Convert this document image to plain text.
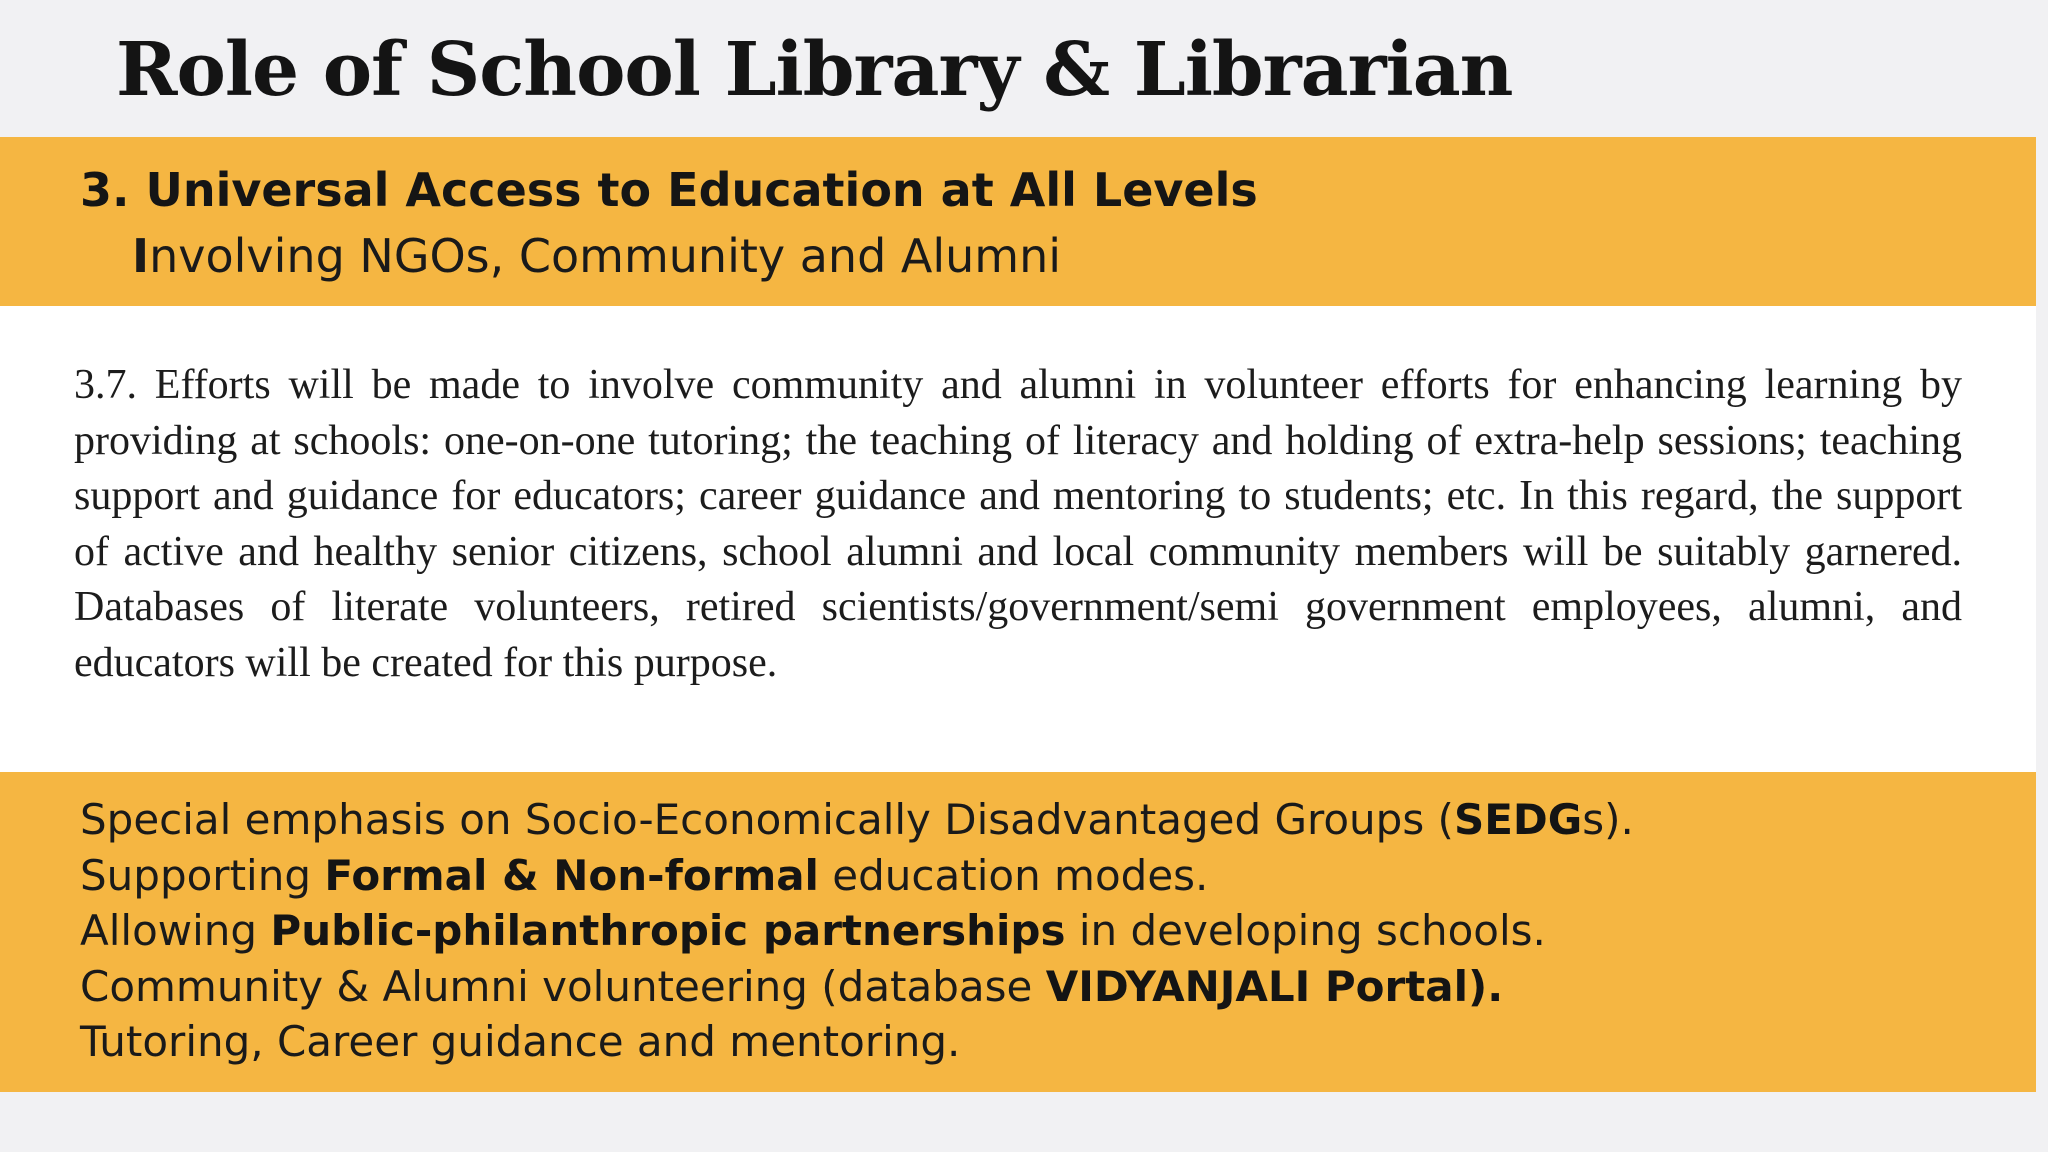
Role of School Library & Librarian
3. Universal Access to Education at All Levels

Involving NGOs, Community and Alumni

3.7. Efforts will be made to involve community and alumni in volunteer efforts for enhancing learning by providing at schools: one-on-one tutoring; the teaching of literacy and holding of extra-help sessions; teaching support and guidance for educators; career guidance and mentoring to students; etc. In this regard, the support of active and healthy senior citizens, school alumni and local community members will be suitably garnered. Databases of literate volunteers, retired scientists/government/semi government employees, alumni, and educators will be created for this purpose.

Special emphasis on Socio-Economically Disadvantaged Groups (SEDGs).
Supporting Formal & Non-formal education modes.
Allowing Public-philanthropic partnerships in developing schools.
Community & Alumni volunteering (database VIDYANJALI Portal).
Tutoring, Career guidance and mentoring.
